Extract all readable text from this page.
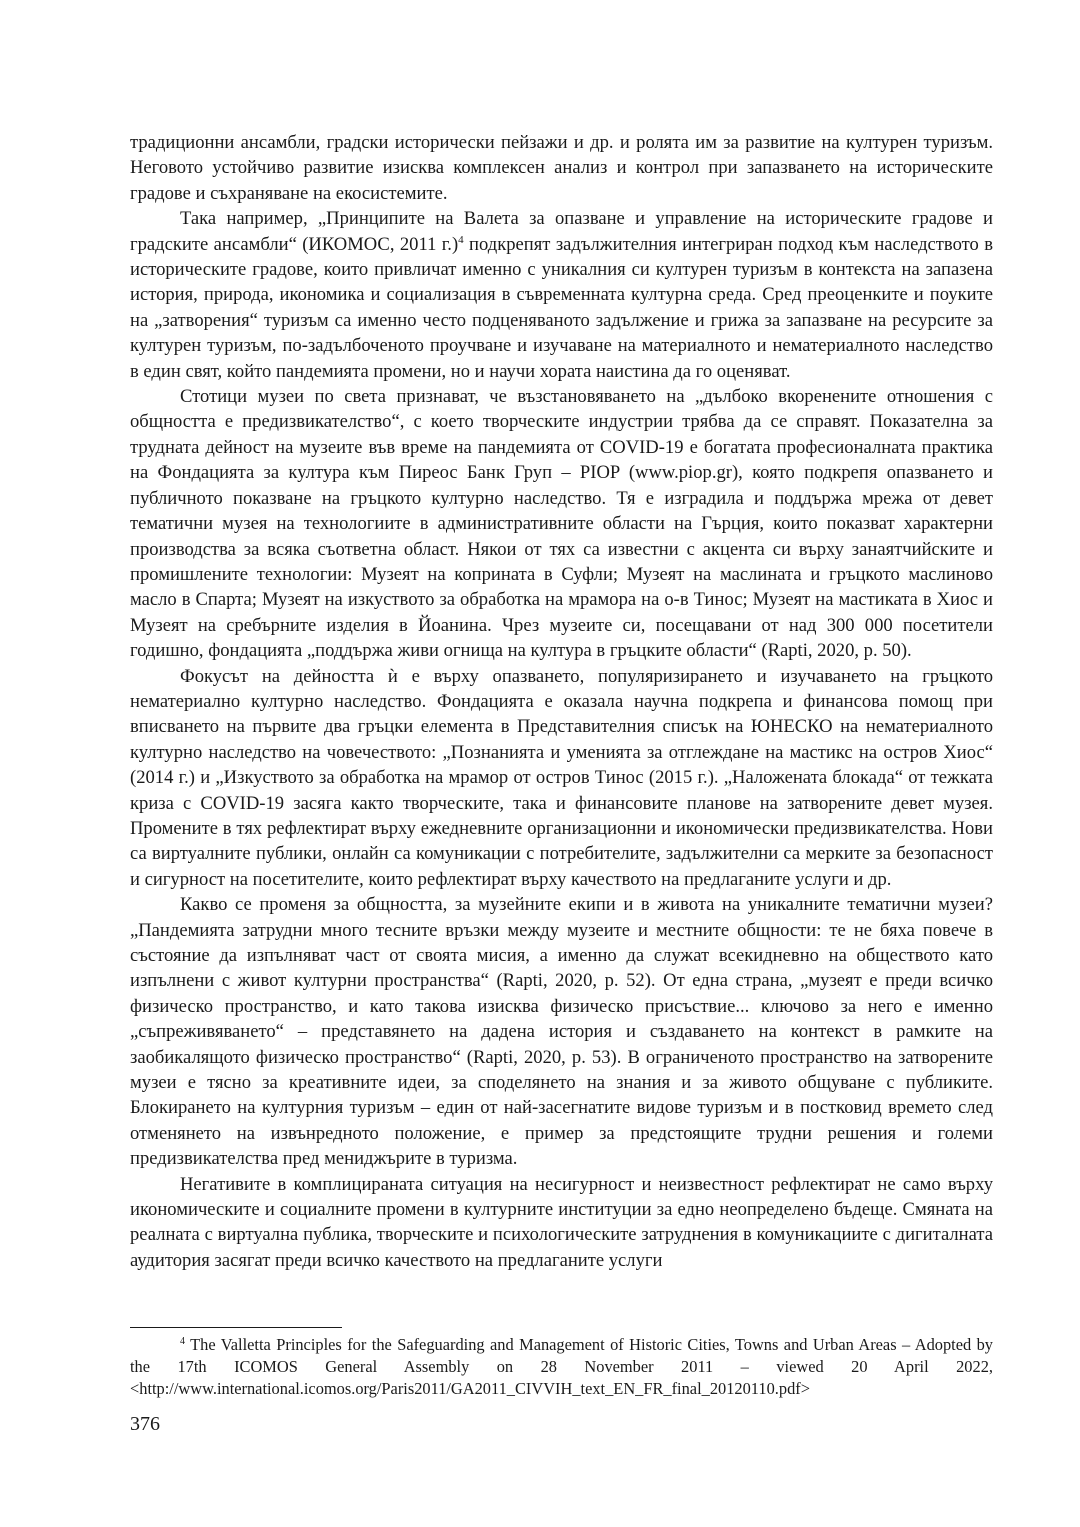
традиционни ансамбли, градски исторически пейзажи и др. и ролята им за развитие на културен туризъм. Неговото устойчиво развитие изисква комплексен анализ и контрол при запазването на историческите градове и съхраняване на екосистемите.

Така например, „Принципите на Валета за опазване и управление на историческите градове и градските ансамбли“ (ИКОМОС, 2011 г.)$^4$ подкрепят задължителния интегриран подход към наследството в историческите градове, които привличат именно с уникалния си културен туризъм в контекста на запазена история, природа, икономика и социализация в съвременната културна среда. Сред преоценките и поуките на „затворения“ туризъм са именно често подценяваното задължение и грижа за запазване на ресурсите за културен туризъм, по-задълбоченото проучване и изучаване на материалното и нематериалното наследство в един свят, който пандемията промени, но и научи хората наистина да го оценяват.

Стотици музеи по света признават, че възстановяването на „дълбоко вкоренените отношения с общността е предизвикателство“, с което творческите индустрии трябва да се справят. Показателна за трудната дейност на музеите във време на пандемията от COVID-19 е богатата професионалната практика на Фондацията за култура към Пиреос Банк Груп – PIOP (www.piop.gr), която подкрепя опазването и публичното показване на гръцкото културно наследство. Тя е изградила и поддържа мрежа от девет тематични музея на технологиите в административните области на Гърция, които показват характерни производства за всяка съответна област. Някои от тях са известни с акцента си върху занаятчийските и промишлените технологии: Музеят на коприната в Суфли; Музеят на маслината и гръцкото маслиново масло в Спарта; Музеят на изкуството за обработка на мрамора на о-в Тинос; Музеят на мастиката в Хиос и Музеят на сребърните изделия в Йоанина. Чрез музеите си, посещавани от над 300 000 посетители годишно, фондацията „поддържа живи огнища на култура в гръцките области“ (Rapti, 2020, p. 50).

Фокусът на дейността ѝ е върху опазването, популяризирането и изучаването на гръцкото нематериално културно наследство. Фондацията е оказала научна подкрепа и финансова помощ при вписването на първите два гръцки елемента в Представителния списък на ЮНЕСКО на нематериалното културно наследство на човечеството: „Познанията и уменията за отглеждане на мастикс на остров Хиос“ (2014 г.) и „Изкуството за обработка на мрамор от остров Тинос (2015 г.). „Наложената блокада“ от тежката криза с COVID-19 засяга както творческите, така и финансовите планове на затворените девет музея. Промените в тях рефлектират върху ежедневните организационни и икономически предизвикателства. Нови са виртуалните публики, онлайн са комуникации с потребителите, задължителни са мерките за безопасност и сигурност на посетителите, които рефлектират върху качеството на предлаганите услуги и др.

Какво се променя за общността, за музейните екипи и в живота на уникалните тематични музеи? „Пандемията затрудни много тесните връзки между музеите и местните общности: те не бяха повече в състояние да изпълняват част от своята мисия, а именно да служат всекидневно на обществото като изпълнени с живот културни пространства“ (Rapti, 2020, p. 52). От една страна, „музеят е преди всичко физическо пространство, и като такова изисква физическо присъствие... ключово за него е именно „съпреживяването“ – представянето на дадена история и създаването на контекст в рамките на заобикалящото физическо пространство“ (Rapti, 2020, p. 53). В ограниченото пространство на затворените музеи е тясно за креативните идеи, за споделянето на знания и за живото общуване с публиките. Блокирането на културния туризъм – един от най-засегнатите видове туризъм и в постковид времето след отменянето на извънредното положение, е пример за предстоящите трудни решения и големи предизвикателства пред мениджърите в туризма.

Негативите в комплицираната ситуация на несигурност и неизвестност рефлектират не само върху икономическите и социалните промени в културните институции за едно неопределено бъдеще. Смяната на реалната с виртуална публика, творческите и психологическите затруднения в комуникациите с дигиталната аудитория засягат преди всичко качеството на предлаганите услуги

$^4$ The Valletta Principles for the Safeguarding and Management of Historic Cities, Towns and Urban Areas – Adopted by the 17th ICOMOS General Assembly on 28 November 2011 – viewed 20 April 2022, <http://www.international.icomos.org/Paris2011/GA2011_CIVVIH_text_EN_FR_final_20120110.pdf>

376
